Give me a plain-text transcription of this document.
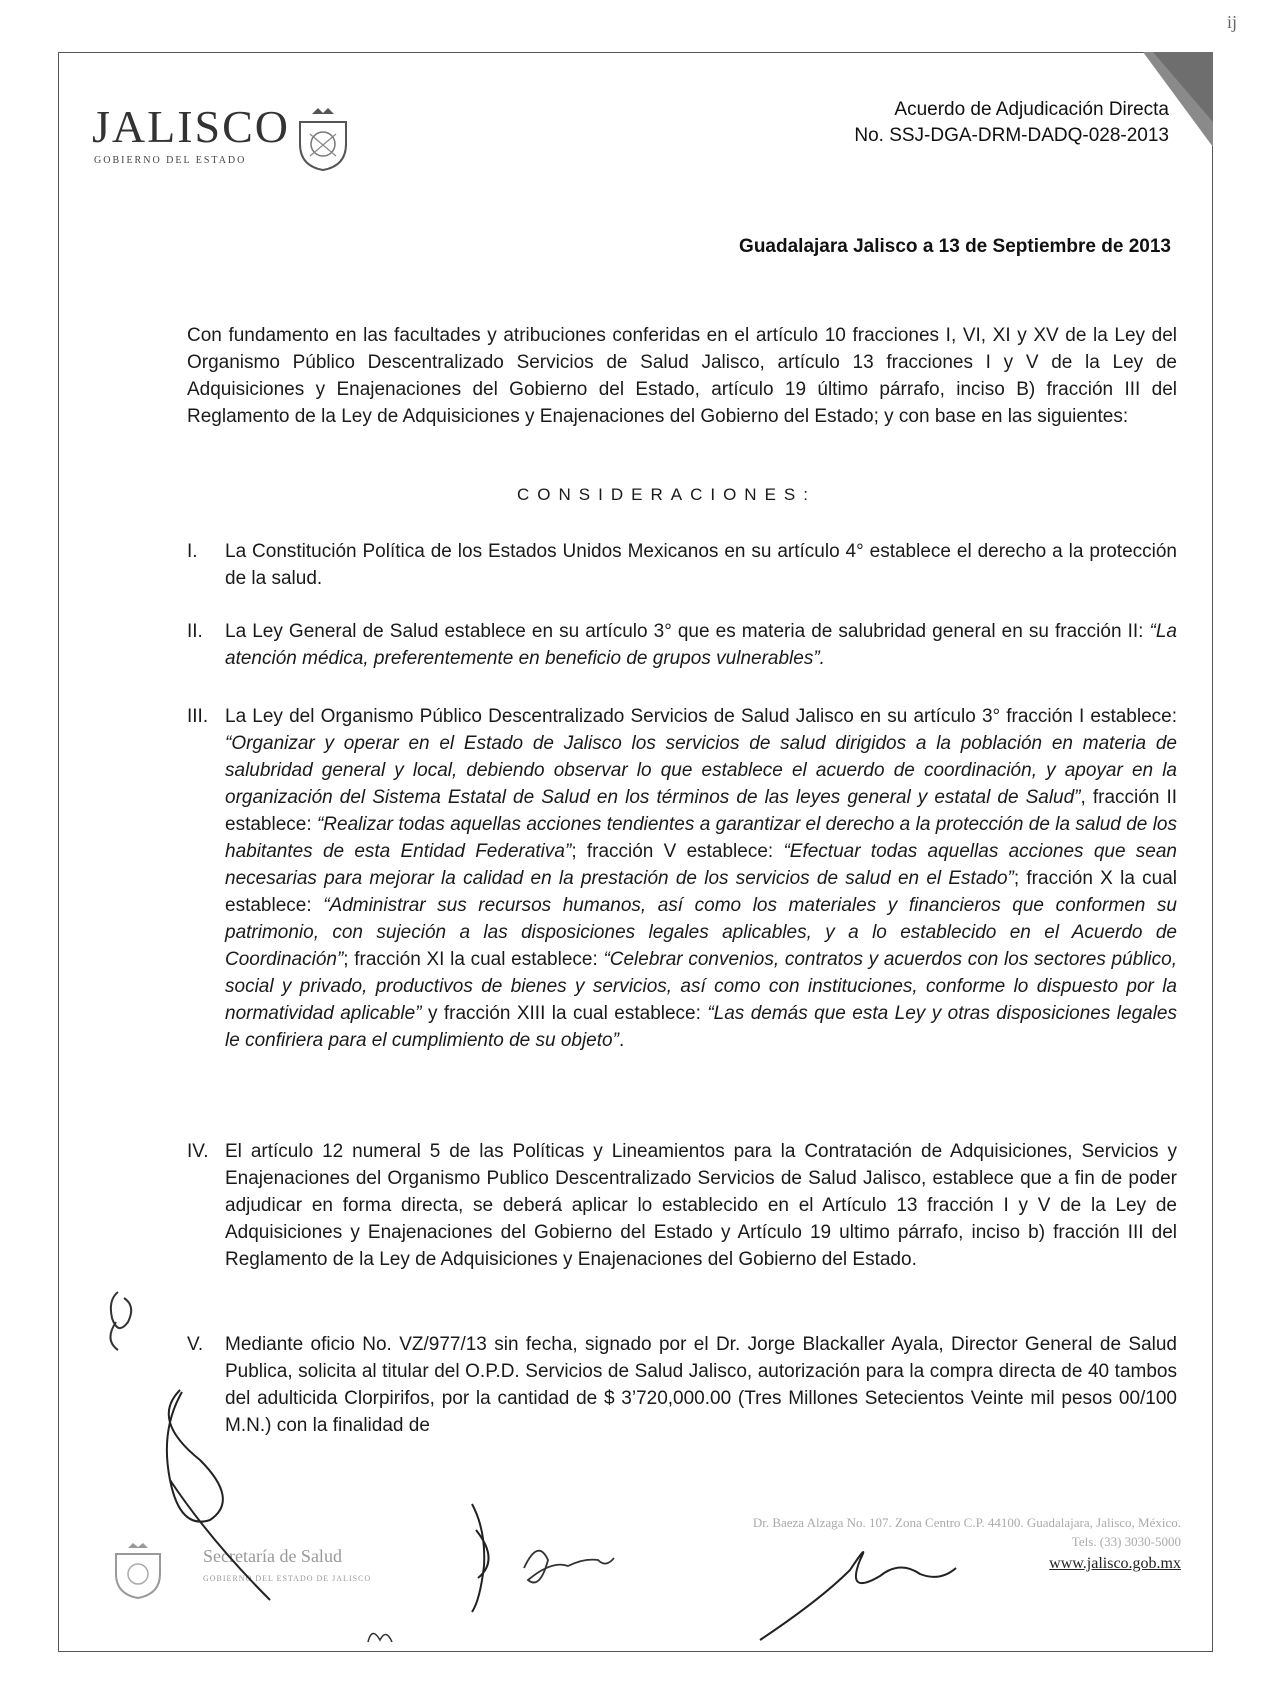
ij
JALISCO
GOBIERNO DEL ESTADO
Acuerdo de Adjudicación Directa
No. SSJ-DGA-DRM-DADQ-028-2013
Guadalajara Jalisco a 13 de Septiembre de 2013
Con fundamento en las facultades y atribuciones conferidas en el artículo 10 fracciones I, VI, XI y XV de la Ley del Organismo Público Descentralizado Servicios de Salud Jalisco, artículo 13 fracciones I y V de la Ley de Adquisiciones y Enajenaciones del Gobierno del Estado, artículo 19 último párrafo, inciso B) fracción III del Reglamento de la Ley de Adquisiciones y Enajenaciones del Gobierno del Estado; y con base en las siguientes:
CONSIDERACIONES:
I. La Constitución Política de los Estados Unidos Mexicanos en su artículo 4° establece el derecho a la protección de la salud.

II. La Ley General de Salud establece en su artículo 3° que es materia de salubridad general en su fracción II: “La atención médica, preferentemente en beneficio de grupos vulnerables”.

III. La Ley del Organismo Público Descentralizado Servicios de Salud Jalisco en su artículo 3° fracción I establece: “Organizar y operar en el Estado de Jalisco los servicios de salud dirigidos a la población en materia de salubridad general y local, debiendo observar lo que establece el acuerdo de coordinación, y apoyar en la organización del Sistema Estatal de Salud en los términos de las leyes general y estatal de Salud”, fracción II establece: “Realizar todas aquellas acciones tendientes a garantizar el derecho a la protección de la salud de los habitantes de esta Entidad Federativa”; fracción V establece: “Efectuar todas aquellas acciones que sean necesarias para mejorar la calidad en la prestación de los servicios de salud en el Estado”; fracción X la cual establece: “Administrar sus recursos humanos, así como los materiales y financieros que conformen su patrimonio, con sujeción a las disposiciones legales aplicables, y a lo establecido en el Acuerdo de Coordinación”; fracción XI la cual establece: “Celebrar convenios, contratos y acuerdos con los sectores público, social y privado, productivos de bienes y servicios, así como con instituciones, conforme lo dispuesto por la normatividad aplicable” y fracción XIII la cual establece: “Las demás que esta Ley y otras disposiciones legales le confiriera para el cumplimiento de su objeto”.

IV. El artículo 12 numeral 5 de las Políticas y Lineamientos para la Contratación de Adquisiciones, Servicios y Enajenaciones del Organismo Publico Descentralizado Servicios de Salud Jalisco, establece que a fin de poder adjudicar en forma directa, se deberá aplicar lo establecido en el Artículo 13 fracción I y V de la Ley de Adquisiciones y Enajenaciones del Gobierno del Estado y Artículo 19 ultimo párrafo, inciso b) fracción III del Reglamento de la Ley de Adquisiciones y Enajenaciones del Gobierno del Estado.

V. Mediante oficio No. VZ/977/13 sin fecha, signado por el Dr. Jorge Blackaller Ayala, Director General de Salud Publica, solicita al titular del O.P.D. Servicios de Salud Jalisco, autorización para la compra directa de 40 tambos del adulticida Clorpirifos, por la cantidad de $ 3’720,000.00 (Tres Millones Setecientos Veinte mil pesos 00/100 M.N.) con la finalidad de

Dr. Baeza Alzaga No. 107. Zona Centro C.P. 44100. Guadalajara, Jalisco, México.
Tels. (33) 3030-5000
www.jalisco.gob.mx
Secretaría de Salud
GOBIERNO DEL ESTADO DE JALISCO
